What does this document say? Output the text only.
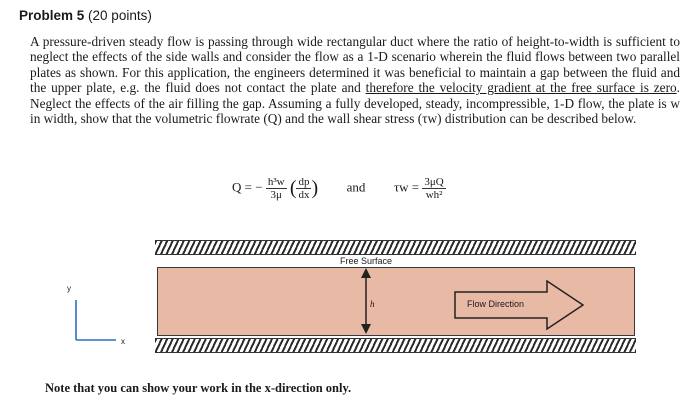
Problem 5 (20 points)
A pressure-driven steady flow is passing through wide rectangular duct where the ratio of height-to-width is sufficient to neglect the effects of the side walls and consider the flow as a 1-D scenario wherein the fluid flows between two parallel plates as shown. For this application, the engineers determined it was beneficial to maintain a gap between the fluid and the upper plate, e.g. the fluid does not contact the plate and therefore the velocity gradient at the free surface is zero. Neglect the effects of the air filling the gap. Assuming a fully developed, steady, incompressible, 1-D flow, the plate is w in width, show that the volumetric flowrate (Q) and the wall shear stress (τw) distribution can be described below.
Q = − $\frac{\text{h³w}}{3\mu}$ ( $\frac{dp}{dx}$ ) and $\tau w = \frac{3\mu Q}{\text{wh²}}$
Free Surface
h	Flow Direction
y
x
Note that you can show your work in the x-direction only.
